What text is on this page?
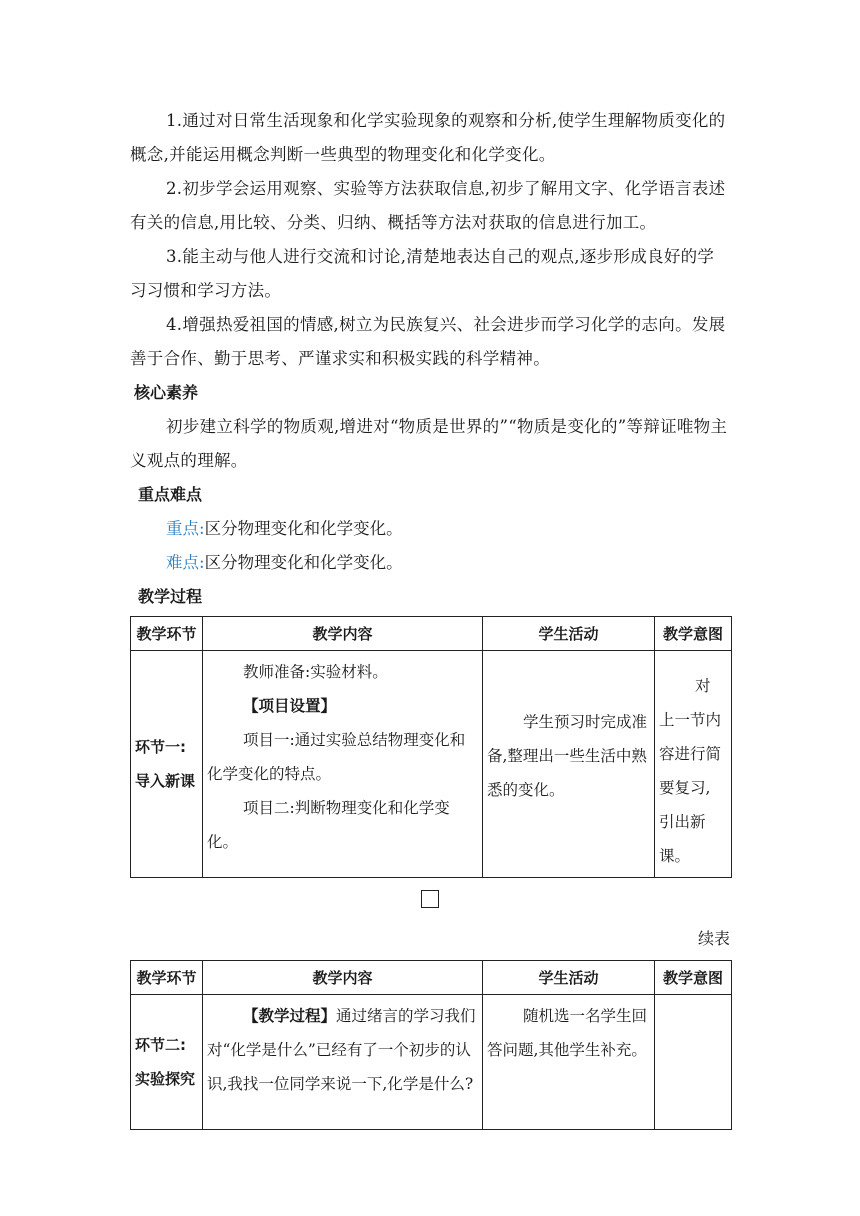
1.通过对日常生活现象和化学实验现象的观察和分析,使学生理解物质变化的概念,并能运用概念判断一些典型的物理变化和化学变化。

2.初步学会运用观察、实验等方法获取信息,初步了解用文字、化学语言表述有关的信息,用比较、分类、归纳、概括等方法对获取的信息进行加工。

3.能主动与他人进行交流和讨论,清楚地表达自己的观点,逐步形成良好的学习习惯和学习方法。

4.增强热爱祖国的情感,树立为民族复兴、社会进步而学习化学的志向。发展善于合作、勤于思考、严谨求实和积极实践的科学精神。

核心素养

初步建立科学的物质观,增进对“物质是世界的”“物质是变化的”等辩证唯物主义观点的理解。

重点难点

重点:区分物理变化和化学变化。

难点:区分物理变化和化学变化。

教学过程

教学环节	教学内容	学生活动	教学意图
环节一:导入新课	教师准备:实验材料。

【项目设置】

项目一:通过实验总结物理变化和化学变化的特点。

项目二:判断物理变化和化学变化。	学生预习时完成准备,整理出一些生活中熟悉的变化。	对上一节内容进行简要复习,引出新课。

续表

教学环节	教学内容	学生活动	教学意图
环节二:实验探究	【教学过程】通过绪言的学习我们对“化学是什么”已经有了一个初步的认识,我找一位同学来说一下,化学是什么?	随机选一名学生回答问题,其他学生补充。	
